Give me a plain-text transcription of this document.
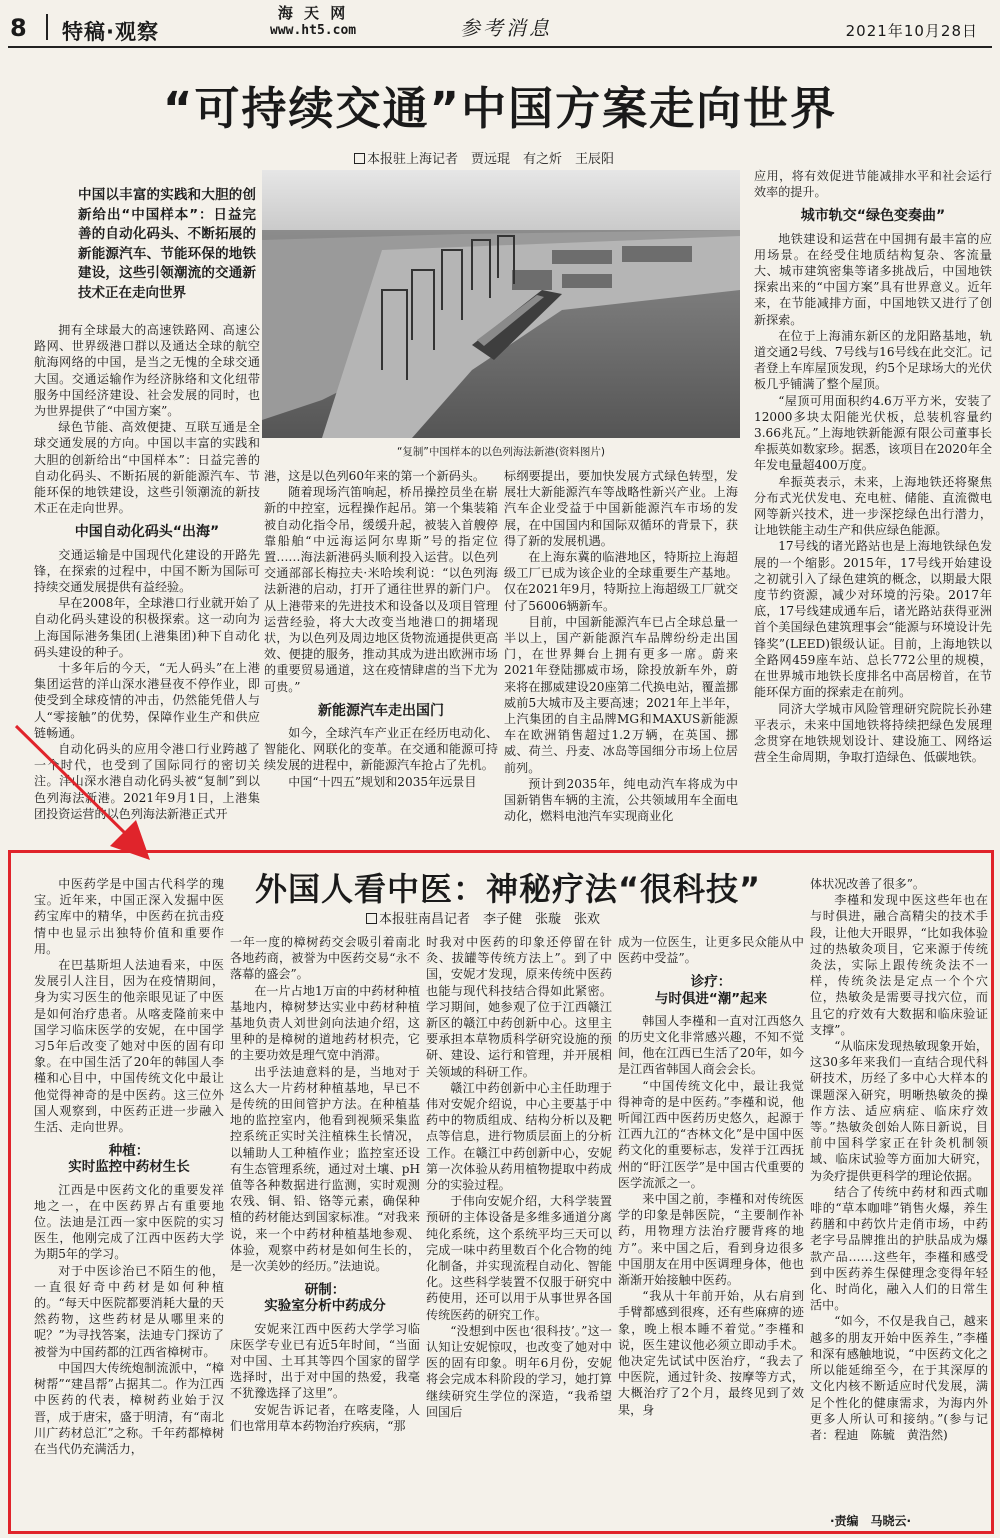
8 特稿·观察
海 天 网
www.ht5.com	参考消息	2021年10月28日
“可持续交通”中国方案走向世界
本报驻上海记者　贾远琨　有之炘　王辰阳
中国以丰富的实践和大胆的创新给出“中国样本”：日益完善的自动化码头、不断拓展的新能源汽车、节能环保的地铁建设，这些引领潮流的交通新技术正在走向世界
“复制”中国样本的以色列海法新港(资料图片)

拥有全球最大的高速铁路网、高速公路网、世界级港口群以及通达全球的航空航海网络的中国，是当之无愧的全球交通大国。交通运输作为经济脉络和文化纽带服务中国经济建设、社会发展的同时，也为世界提供了“中国方案”。

绿色节能、高效便捷、互联互通是全球交通发展的方向。中国以丰富的实践和大胆的创新给出“中国样本”：日益完善的自动化码头、不断拓展的新能源汽车、节能环保的地铁建设，这些引领潮流的新技术正在走向世界。

中国自动化码头“出海”

交通运输是中国现代化建设的开路先锋，在探索的过程中，中国不断为国际可持续交通发展提供有益经验。

早在2008年，全球港口行业就开始了自动化码头建设的积极探索。这一动向为上海国际港务集团(上港集团)种下自动化码头建设的种子。

十多年后的今天，“无人码头”在上港集团运营的洋山深水港昼夜不停作业，即使受到全球疫情的冲击，仍然能凭借人与人“零接触”的优势，保障作业生产和供应链畅通。

自动化码头的应用令港口行业跨越了一个时代，也受到了国际同行的密切关注。洋山深水港自动化码头被“复制”到以色列海法新港。2021年9月1日，上港集团投资运营的以色列海法新港正式开

港，这是以色列60年来的第一个新码头。

随着现场汽笛响起，桥吊操控员坐在崭新的中控室，远程操作起吊。第一个集装箱被自动化指令吊，缓缓升起，被装入首艘停靠船舶“中远海运阿尔卑斯”号的指定位置……海法新港码头顺利投入运营。以色列交通部部长梅拉夫·米哈埃利说：“以色列海法新港的启动，打开了通往世界的新门户。从上港带来的先进技术和设备以及项目管理运营经验，将大大改变当地港口的拥堵现状，为以色列及周边地区货物流通提供更高效、便捷的服务，推动其成为进出欧洲市场的重要贸易通道，这在疫情肆虐的当下尤为可贵。”

新能源汽车走出国门

如今，全球汽车产业正在经历电动化、智能化、网联化的变革。在交通和能源可持续发展的进程中，新能源汽车抢占了先机。

中国“十四五”规划和2035年远景目

标纲要提出，要加快发展方式绿色转型，发展壮大新能源汽车等战略性新兴产业。上海汽车企业受益于中国新能源汽车市场的发展，在中国国内和国际双循环的背景下，获得了新的发展机遇。

在上海东冀的临港地区，特斯拉上海超级工厂已成为该企业的全球重要生产基地。仅在2021年9月，特斯拉上海超级工厂就交付了56006辆新车。

目前，中国新能源汽车已占全球总量一半以上，国产新能源汽车品牌纷纷走出国门，在世界舞台上拥有更多一席。蔚来2021年登陆挪威市场，除投放新车外，蔚来将在挪威建设20座第二代换电站，覆盖挪威前5大城市及主要高速；2021年上半年，上汽集团的自主品牌MG和MAXUS新能源车在欧洲销售超过1.2万辆，在英国、挪威、荷兰、丹麦、冰岛等国细分市场上位居前列。

预计到2035年，纯电动汽车将成为中国新销售车辆的主流，公共领域用车全面电动化，燃料电池汽车实现商业化

应用，将有效促进节能减排水平和社会运行效率的提升。

城市轨交“绿色变奏曲”

地铁建设和运营在中国拥有最丰富的应用场景。在经受住地质结构复杂、客流量大、城市建筑密集等诸多挑战后，中国地铁探索出来的“中国方案”具有世界意义。近年来，在节能减排方面，中国地铁又进行了创新探索。

在位于上海浦东新区的龙阳路基地，轨道交通2号线、7号线与16号线在此交汇。记者登上车库屋顶发现，约5个足球场大的光伏板几乎铺满了整个屋顶。

“屋顶可用面积约4.6万平方米，安装了12000多块太阳能光伏板，总装机容量约3.66兆瓦。”上海地铁新能源有限公司董事长牟振英如数家珍。据悉，该项目在2020年全年发电量超400万度。

牟振英表示，未来，上海地铁还将聚焦分布式光伏发电、充电桩、储能、直流微电网等新兴技术，进一步深挖绿色出行潜力，让地铁能主动生产和供应绿色能源。

17号线的诸光路站也是上海地铁绿色发展的一个缩影。2015年，17号线开始建设之初就引入了绿色建筑的概念，以期最大限度节约资源，减少对环境的污染。2017年底，17号线建成通车后，诸光路站获得亚洲首个美国绿色建筑理事会“能源与环境设计先锋奖”(LEED)银级认证。目前，上海地铁以全路网459座车站、总长772公里的规模，在世界城市地铁长度排名中高居榜首，在节能环保方面的探索走在前列。

同济大学城市风险管理研究院院长孙建平表示，未来中国地铁将持续把绿色发展理念贯穿在地铁规划设计、建设施工、网络运营全生命周期，争取打造绿色、低碳地铁。

外国人看中医：神秘疗法“很科技”
本报驻南昌记者　李子健　张璇　张欢

中医药学是中国古代科学的瑰宝。近年来，中国正深入发掘中医药宝库中的精华，中医药在抗击疫情中也显示出独特价值和重要作用。

在巴基斯坦人法迪看来，中医发展引人注目，因为在疫情期间，身为实习医生的他亲眼见证了中医是如何治疗患者。从喀麦隆前来中国学习临床医学的安妮，在中国学习5年后改变了她对中医的固有印象。在中国生活了20年的韩国人李槿和心目中，中国传统文化中最让他觉得神奇的是中医药。这三位外国人观察到，中医药正进一步融入生活、走向世界。

种植：

实时监控中药材生长

江西是中医药文化的重要发祥地之一，在中医药界占有重要地位。法迪是江西一家中医院的实习医生，他刚完成了江西中医药大学为期5年的学习。

对于中医诊治已不陌生的他，一直很好奇中药材是如何种植的。“每天中医院都要消耗大量的天然药物，这些药材是从哪里来的呢？”为寻找答案，法迪专门探访了被誉为中国药都的江西省樟树市。

中国四大传统炮制流派中，“樟树帮”“建昌帮”占据其二。作为江西中医药的代表，樟树药业始于汉晋，成于唐宋，盛于明清，有“南北川广药材总汇”之称。千年药都樟树在当代仍充满活力，

一年一度的樟树药交会吸引着南北各地药商，被誉为中医药交易“永不落幕的盛会”。

在一片占地1万亩的中药材种植基地内，樟树梦达实业中药材种植基地负责人刘世剑向法迪介绍，这里种的是樟树的道地药材枳壳，它的主要功效是理气宽中消滞。

出乎法迪意料的是，当地对于这么大一片药材种植基地，早已不是传统的田间管护方法。在种植基地的监控室内，他看到视频采集监控系统正实时关注植株生长情况，以辅助人工种植作业；监控室还设有生态管理系统，通过对土壤、pH值等各种数据进行监测，实时观测农残、铜、铅、铬等元素，确保种植的药材能达到国家标准。“对我来说，来一个中药材种植基地参观、体验，观察中药材是如何生长的，是一次美妙的经历。”法迪说。

研制：

实验室分析中药成分

安妮来江西中医药大学学习临床医学专业已有近5年时间，“当面对中国、土耳其等四个国家的留学选择时，出于对中国的热爱，我毫不犹豫选择了这里”。

安妮告诉记者，在喀麦隆，人们也常用草本药物治疗疾病，“那

时我对中医药的印象还停留在针灸、拔罐等传统方法上”。到了中国，安妮才发现，原来传统中医药也能与现代科技结合得如此紧密。学习期间，她参观了位于江西赣江新区的赣江中药创新中心。这里主要承担本草物质科学研究设施的预研、建设、运行和管理，并开展相关领域的科研工作。

赣江中药创新中心主任助理于伟对安妮介绍说，中心主要基于中药中的物质组成、结构分析以及靶点等信息，进行物质层面上的分析工作。在赣江中药创新中心，安妮第一次体验从药用植物提取中药成分的实验过程。

于伟向安妮介绍，大科学装置预研的主体设备是多维多通道分离纯化系统，这个系统平均三天可以完成一味中药里数百个化合物的纯化制备，并实现流程自动化、智能化。这些科学装置不仅服于研究中药使用，还可以用于从事世界各国传统医药的研究工作。

“没想到中医也‘很科技’。”这一认知让安妮惊叹，也改变了她对中医的固有印象。明年6月份，安妮将会完成本科阶段的学习，她打算继续研究生学位的深造，“我希望回国后

成为一位医生，让更多民众能从中医药中受益”。

诊疗：

与时俱进“潮”起来

韩国人李槿和一直对江西悠久的历史文化非常感兴趣，不知不觉间，他在江西已生活了20年，如今是江西省韩国人商会会长。

“中国传统文化中，最让我觉得神奇的是中医药。”李槿和说，他听闻江西中医药历史悠久，起源于江西九江的“杏林文化”是中国中医药文化的重要标志，发祥于江西抚州的“盱江医学”是中国古代重要的医学流派之一。

来中国之前，李槿和对传统医学的印象是韩医院，“主要制作补药，用物理方法治疗腰背疼的地方”。来中国之后，看到身边很多中国朋友在用中医调理身体，他也渐渐开始接触中医药。

“我从十年前开始，从右肩到手臂都感到很疼，还有些麻痹的迹象，晚上根本睡不着觉。”李槿和说，医生建议他必须立即动手术。他决定先试试中医治疗，“我去了中医院，通过针灸、按摩等方式，大概治疗了2个月，最终见到了效果，身

体状况改善了很多”。

李槿和发现中医这些年也在与时俱进，融合高精尖的技术手段，让他大开眼界，“比如我体验过的热敏灸项目，它来源于传统灸法，实际上跟传统灸法不一样，传统灸法是定点一个个穴位，热敏灸是需要寻找穴位，而且它的疗效有大数据和临床验证支撑”。

“从临床发现热敏现象开始，这30多年来我们一直结合现代科研技术，历经了多中心大样本的课题深入研究，明晰热敏灸的操作方法、适应病症、临床疗效等。”热敏灸创始人陈日新说，目前中国科学家正在针灸机制领域、临床试验等方面加大研究，为灸疗提供更科学的理论依据。

结合了传统中药材和西式咖啡的“草本咖啡”销售火爆，养生药膳和中药饮片走俏市场，中药老字号品牌推出的护肤品成为爆款产品……这些年，李槿和感受到中医药养生保健理念变得年轻化、时尚化，融入人们的日常生活中。

“如今，不仅是我自己，越来越多的朋友开始中医养生，”李槿和深有感触地说，“中医药文化之所以能延绵至今，在于其深厚的文化内核不断适应时代发展，满足个性化的健康需求，为海内外更多人所认可和接纳。”(参与记者：程迪　陈毓　黄浩然)

·责编　马晓云·
